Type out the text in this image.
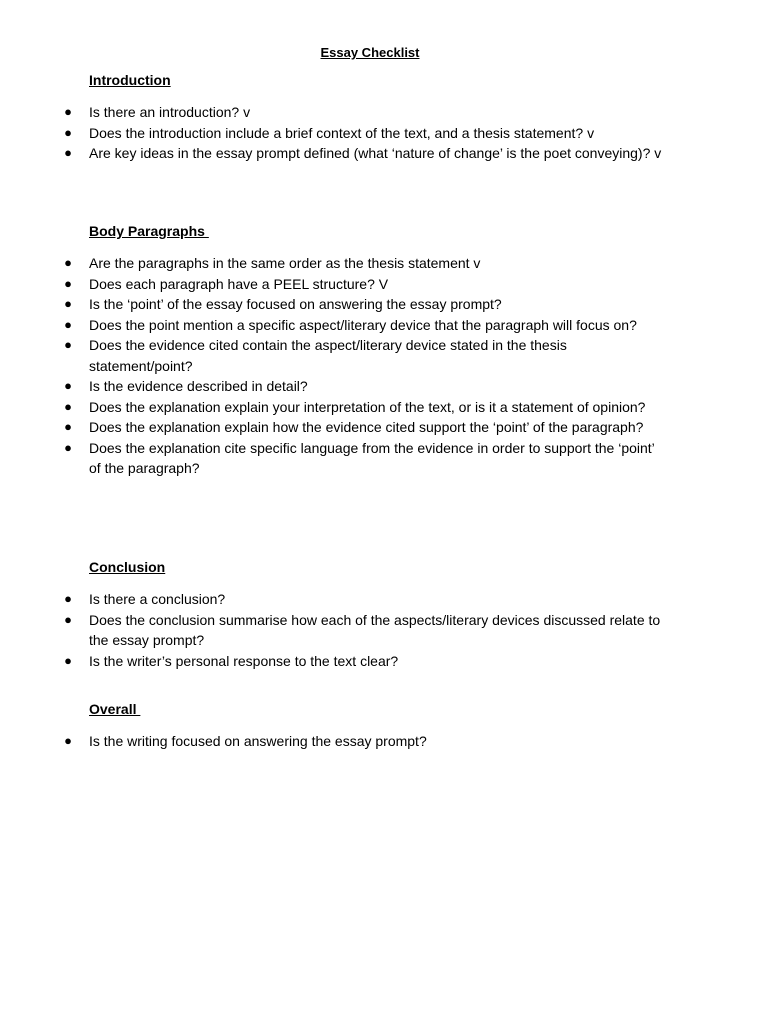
Essay Checklist
Introduction
● Is there an introduction? v
● Does the introduction include a brief context of the text, and a thesis statement? v
● Are key ideas in the essay prompt defined (what ‘nature of change’ is the poet conveying)? v
Body Paragraphs
● Are the paragraphs in the same order as the thesis statement v
● Does each paragraph have a PEEL structure? V
● Is the ‘point’ of the essay focused on answering the essay prompt?
● Does the point mention a specific aspect/literary device that the paragraph will focus on?
● Does the evidence cited contain the aspect/literary device stated in the thesis statement/point?
● Is the evidence described in detail?
● Does the explanation explain your interpretation of the text, or is it a statement of opinion?
● Does the explanation explain how the evidence cited support the ‘point’ of the paragraph?
● Does the explanation cite specific language from the evidence in order to support the ‘point’ of the paragraph?
Conclusion
● Is there a conclusion?
● Does the conclusion summarise how each of the aspects/literary devices discussed relate to the essay prompt?
● Is the writer’s personal response to the text clear?
Overall
● Is the writing focused on answering the essay prompt?
